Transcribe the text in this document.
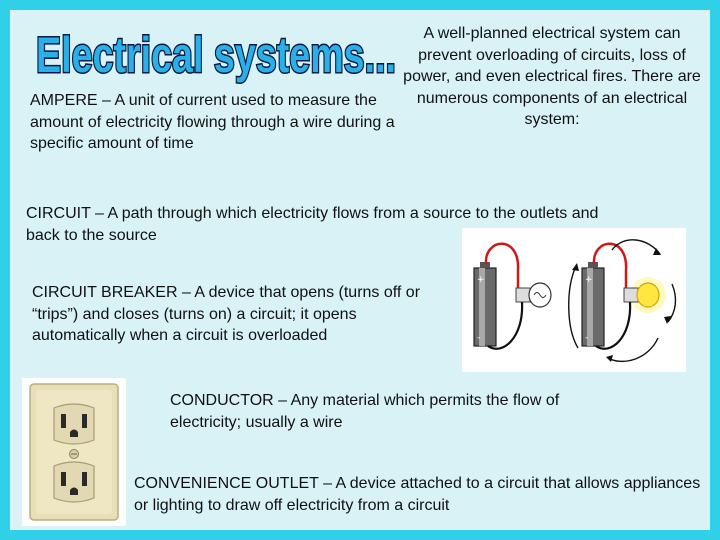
Electrical systems...	A well-planned electrical system can prevent overloading of circuits, loss of power, and even electrical fires. There are numerous components of an electrical system:
AMPERE – A unit of current used to measure the amount of electricity flowing through a wire during a specific amount of time
CIRCUIT – A path through which electricity flows from a source to the outlets and back to the source
+
-
+
-
CIRCUIT BREAKER – A device that opens (turns off or “trips”) and closes (turns on) a circuit; it opens automatically when a circuit is overloaded
CONDUCTOR – Any material which permits the flow of electricity; usually a wire
CONVENIENCE OUTLET – A device attached to a circuit that allows appliances or lighting to draw off electricity from a circuit
